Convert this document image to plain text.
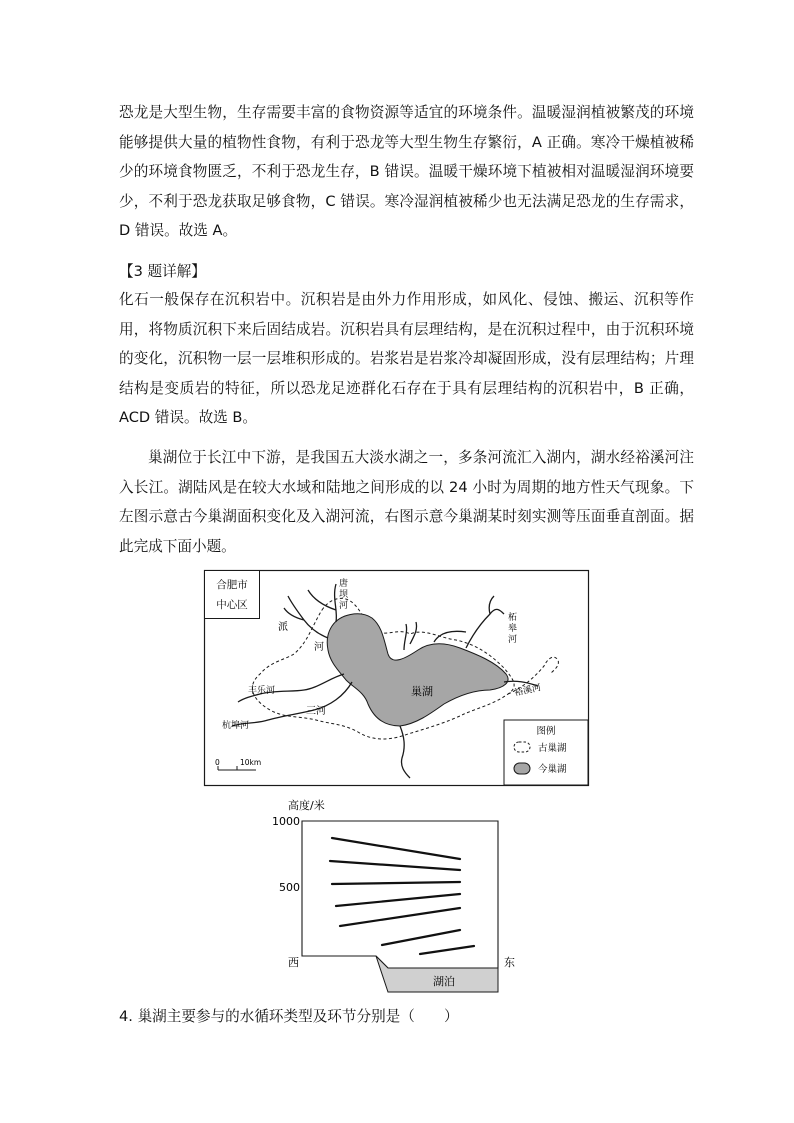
恐龙是大型生物，生存需要丰富的食物资源等适宜的环境条件。温暖湿润植被繁茂的环境能够提供大量的植物性食物，有利于恐龙等大型生物生存繁衍，A 正确。寒冷干燥植被稀少的环境食物匮乏，不利于恐龙生存，B 错误。温暖干燥环境下植被相对温暖湿润环境要少，不利于恐龙获取足够食物，C 错误。寒冷湿润植被稀少也无法满足恐龙的生存需求，D 错误。故选 A。

【3 题详解】

化石一般保存在沉积岩中。沉积岩是由外力作用形成，如风化、侵蚀、搬运、沉积等作用，将物质沉积下来后固结成岩。沉积岩具有层理结构，是在沉积过程中，由于沉积环境的变化，沉积物一层一层堆积形成的。岩浆岩是岩浆冷却凝固形成，没有层理结构；片理结构是变质岩的特征，所以恐龙足迹群化石存在于具有层理结构的沉积岩中，B 正确，ACD 错误。故选 B。

巢湖位于长江中下游，是我国五大淡水湖之一，多条河流汇入湖内，湖水经裕溪河注入长江。湖陆风是在较大水域和陆地之间形成的以 24 小时为周期的地方性天气现象。下左图示意古今巢湖面积变化及入湖河流，右图示意今巢湖某时刻实测等压面垂直剖面。据此完成下面小题。

合肥市
中心区
巢湖
唐
坝
河
派
河
柘
皋
河
裕溪河
丰乐河
杭埠河
三河
图例
古巢湖
今巢湖
0	10km
高度/米
1000
500
湖泊
西	东

4. 巢湖主要参与的水循环类型及环节分别是（　　）
